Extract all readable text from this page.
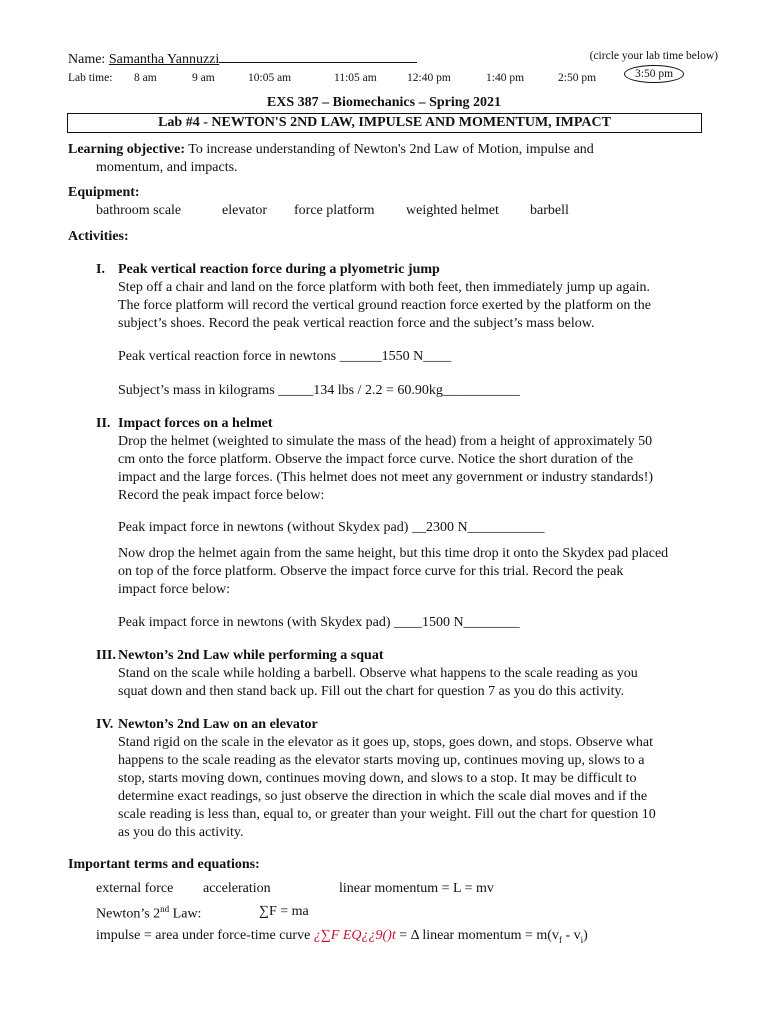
Name: Samantha Yannuzzi	(circle your lab time below)
Lab time: 8 am	9 am	10:05 am	11:05 am	12:40 pm	1:40 pm	2:50 pm	3:50 pm
EXS 387 – Biomechanics – Spring 2021
Lab #4 - NEWTON'S 2ND LAW, IMPULSE AND MOMENTUM, IMPACT
Learning objective: To increase understanding of Newton's 2nd Law of Motion, impulse and
momentum, and impacts.
Equipment:
bathroom scale	elevator force platform weighted helmet barbell
Activities:
I. Peak vertical reaction force during a plyometric jump
Step off a chair and land on the force platform with both feet, then immediately jump up again.
The force platform will record the vertical ground reaction force exerted by the platform on the
subject’s shoes. Record the peak vertical reaction force and the subject’s mass below.
Peak vertical reaction force in newtons ______1550 N____
Subject’s mass in kilograms _____134 lbs / 2.2 = 60.90kg___________
II. Impact forces on a helmet
Drop the helmet (weighted to simulate the mass of the head) from a height of approximately 50
cm onto the force platform. Observe the impact force curve. Notice the short duration of the
impact and the large forces. (This helmet does not meet any government or industry standards!)
Record the peak impact force below:
Peak impact force in newtons (without Skydex pad) __2300 N___________
Now drop the helmet again from the same height, but this time drop it onto the Skydex pad placed
on top of the force platform. Observe the impact force curve for this trial. Record the peak
impact force below:
Peak impact force in newtons (with Skydex pad) ____1500 N________
III. Newton’s 2nd Law while performing a squat
Stand on the scale while holding a barbell. Observe what happens to the scale reading as you
squat down and then stand back up. Fill out the chart for question 7 as you do this activity.
IV. Newton’s 2nd Law on an elevator
Stand rigid on the scale in the elevator as it goes up, stops, goes down, and stops. Observe what
happens to the scale reading as the elevator starts moving up, continues moving up, slows to a
stop, starts moving down, continues moving down, and slows to a stop. It may be difficult to
determine exact readings, so just observe the direction in which the scale dial moves and if the
scale reading is less than, equal to, or greater than your weight. Fill out the chart for question 10
as you do this activity.
Important terms and equations:
external force acceleration	linear momentum = L = mv
Newton’s 2nd Law:	∑F = ma
impulse = area under force-time curve ¿∑F EQ¿¿9()t = Δ linear momentum = $m(v_f - v_i)$
